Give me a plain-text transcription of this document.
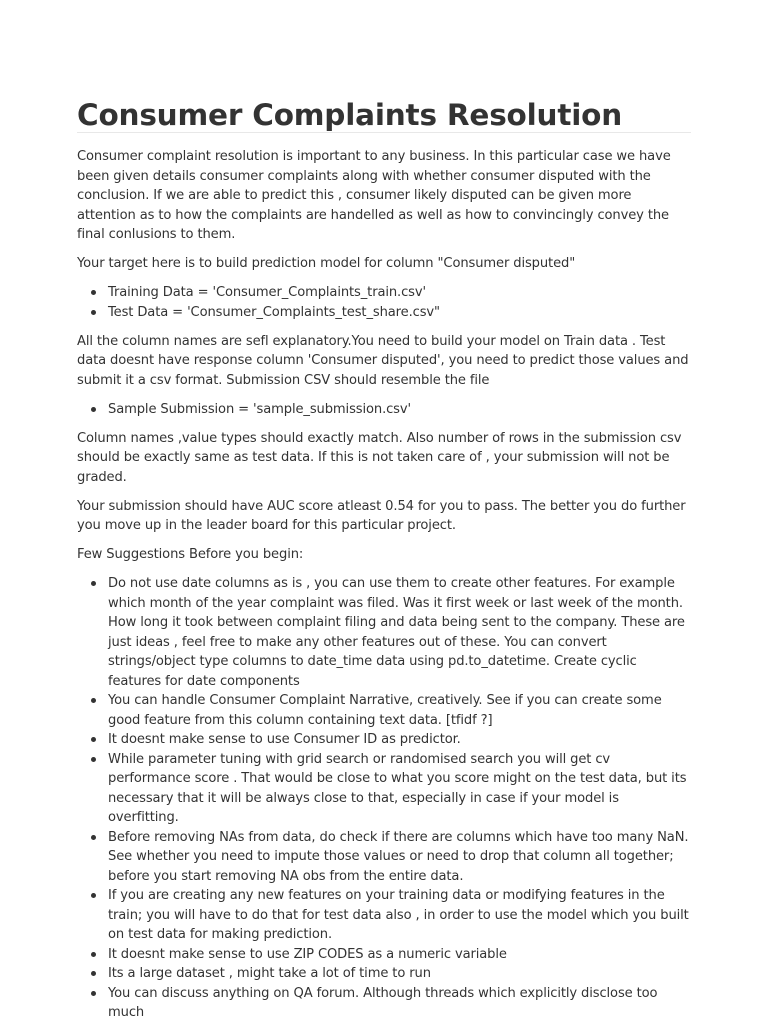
Consumer Complaints Resolution

Consumer complaint resolution is important to any business. In this particular case we have been given details consumer complaints along with whether consumer disputed with the conclusion. If we are able to predict this , consumer likely disputed can be given more attention as to how the complaints are handelled as well as how to convincingly convey the final conlusions to them.

Your target here is to build prediction model for column "Consumer disputed"

Training Data = 'Consumer_Complaints_train.csv'
Test Data = 'Consumer_Complaints_test_share.csv"

All the column names are sefl explanatory.You need to build your model on Train data . Test data doesnt have response column 'Consumer disputed', you need to predict those values and submit it a csv format. Submission CSV should resemble the file

Sample Submission = 'sample_submission.csv'

Column names ,value types should exactly match. Also number of rows in the submission csv should be exactly same as test data. If this is not taken care of , your submission will not be graded.

Your submission should have AUC score atleast 0.54 for you to pass. The better you do further you move up in the leader board for this particular project.

Few Suggestions Before you begin:

Do not use date columns as is , you can use them to create other features. For example which month of the year complaint was filed. Was it first week or last week of the month. How long it took between complaint filing and data being sent to the company. These are just ideas , feel free to make any other features out of these. You can convert strings/object type columns to date_time data using pd.to_datetime. Create cyclic features for date components
You can handle Consumer Complaint Narrative, creatively. See if you can create some good feature from this column containing text data. [tfidf ?]
It doesnt make sense to use Consumer ID as predictor.
While parameter tuning with grid search or randomised search you will get cv performance score . That would be close to what you score might on the test data, but its necessary that it will be always close to that, especially in case if your model is overfitting.
Before removing NAs from data, do check if there are columns which have too many NaN. See whether you need to impute those values or need to drop that column all together; before you start removing NA obs from the entire data.
If you are creating any new features on your training data or modifying features in the train; you will have to do that for test data also , in order to use the model which you built on test data for making prediction.
It doesnt make sense to use ZIP CODES as a numeric variable
Its a large dataset , might take a lot of time to run
You can discuss anything on QA forum. Although threads which explicitly disclose too much
